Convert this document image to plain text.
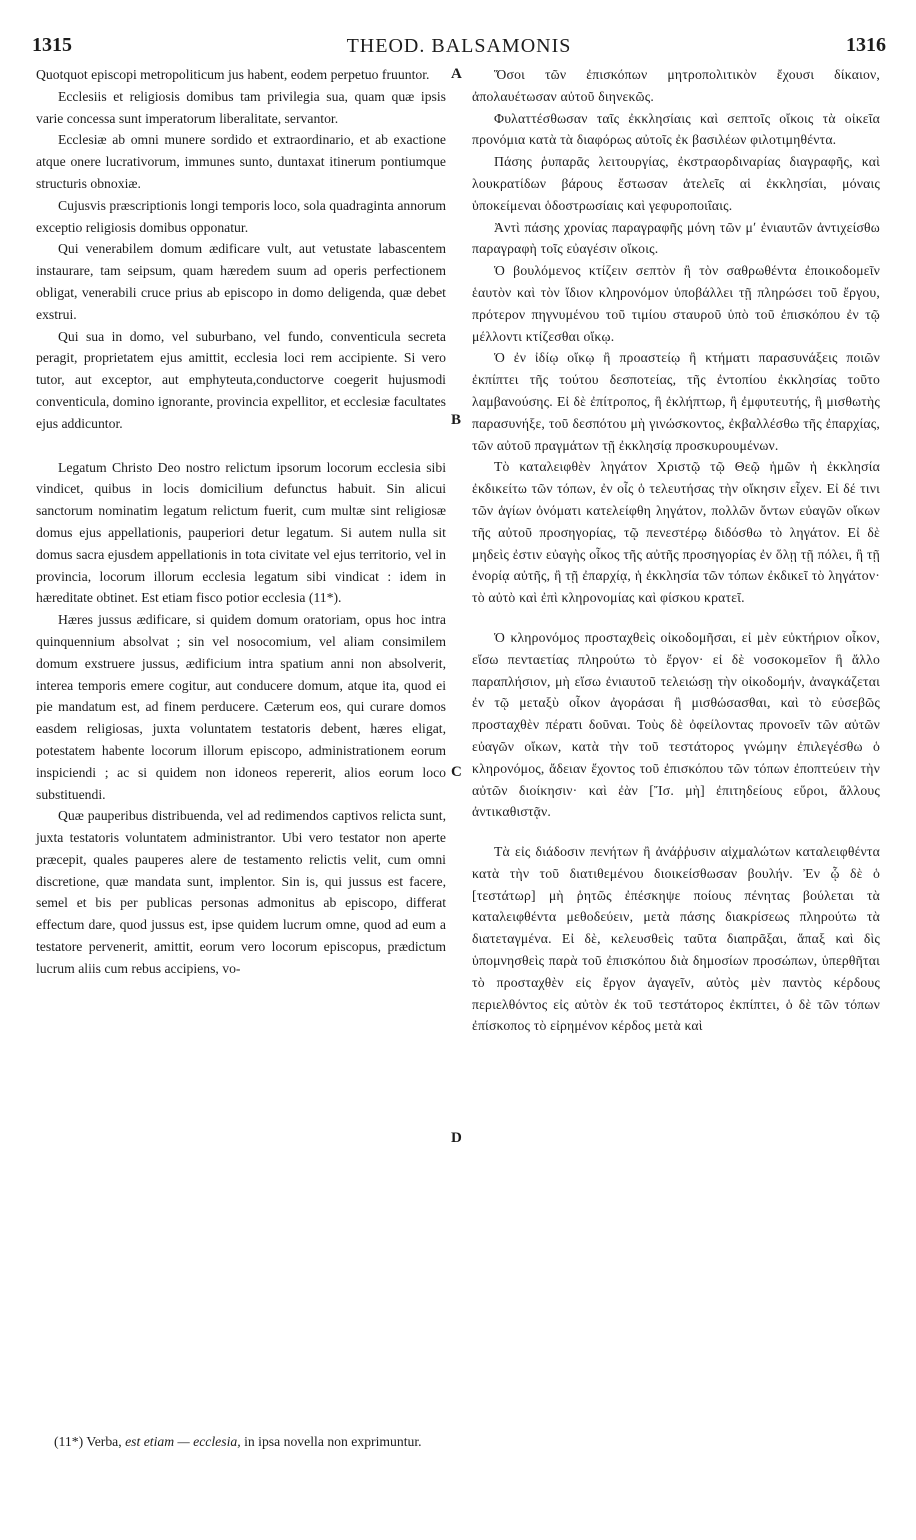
1315	THEOD. BALSAMONIS	1316

Quotquot episcopi metropoliticum jus habent, eodem perpetuo fruuntor.

Ecclesiis et religiosis domibus tam privilegia sua, quam quæ ipsis varie concessa sunt imperatorum liberalitate, servantor.

Ecclesiæ ab omni munere sordido et extraordinario, et ab exactione atque onere lucrativorum, immunes sunto, duntaxat itinerum pontiumque structuris obnoxiæ.

Cujusvis præscriptionis longi temporis loco, sola quadraginta annorum exceptio religiosis domibus opponatur.

Qui venerabilem domum ædificare vult, aut vetustate labascentem instaurare, tam seipsum, quam hæredem suum ad operis perfectionem obligat, venerabili cruce prius ab episcopo in domo deligenda, quæ debet exstrui.

Qui sua in domo, vel suburbano, vel fundo, conventicula secreta peragit, proprietatem ejus amittit, ecclesia loci rem accipiente. Si vero tutor, aut exceptor, aut emphyteuta,conductorve coegerit hujusmodi conventicula, domino ignorante, provincia expellitor, et ecclesiæ facultates ejus addicuntor.

Legatum Christo Deo nostro relictum ipsorum locorum ecclesia sibi vindicet, quibus in locis domicilium defunctus habuit. Sin alicui sanctorum nominatim legatum relictum fuerit, cum multæ sint religiosæ domus ejus appellationis, pauperiori detur legatum. Si autem nulla sit domus sacra ejusdem appellationis in tota civitate vel ejus territorio, vel in provincia, locorum illorum ecclesia legatum sibi vindicat : idem in hæreditate obtinet. Est etiam fisco potior ecclesia (11*).

Hæres jussus ædificare, si quidem domum oratoriam, opus hoc intra quinquennium absolvat ; sin vel nosocomium, vel aliam consimilem domum exstruere jussus, ædificium intra spatium anni non absolverit, interea temporis emere cogitur, aut conducere domum, atque ita, quod ei pie mandatum est, ad finem perducere. Cæterum eos, qui curare domos easdem religiosas, juxta voluntatem testatoris debent, hæres eligat, potestatem habente locorum illorum episcopo, administrationem eorum inspiciendi ; ac si quidem non idoneos repererit, alios eorum loco substituendi.

Quæ pauperibus distribuenda, vel ad redimendos captivos relicta sunt, juxta testatoris voluntatem administrantor. Ubi vero testator non aperte præcepit, quales pauperes alere de testamento relictis velit, cum omni discretione, quæ mandata sunt, implentor. Sin is, qui jussus est facere, semel et bis per publicas personas admonitus ab episcopo, differat effectum dare, quod jussus est, ipse quidem lucrum omne, quod ad eum a testatore pervenerit, amittit, eorum vero locorum episcopus, prædictum lucrum aliis cum rebus accipiens, vo-

A
B
C
D

Ὅσοι τῶν ἐπισκόπων μητροπολιτικὸν ἔχουσι δίκαιον, ἀπολαυέτωσαν αὐτοῦ διηνεκῶς.

Φυλαττέσθωσαν ταῖς ἐκκλησίαις καὶ σεπτοῖς οἴκοις τὰ οἰκεῖα προνόμια κατὰ τὰ διαφόρως αὐτοῖς ἐκ βασιλέων φιλοτιμηθέντα.

Πάσης ῥυπαρᾶς λειτουργίας, ἐκστραορδιναρίας διαγραφῆς, καὶ λουκρατίδων βάρους ἔστωσαν ἀτελεῖς αἱ ἐκκλησίαι, μόναις ὑποκείμεναι ὁδοστρωσίαις καὶ γεφυροποιΐαις.

Ἀντὶ πάσης χρονίας παραγραφῆς μόνη τῶν μʹ ἐνιαυτῶν ἀντιχείσθω παραγραφὴ τοῖς εὐαγέσιν οἴκοις.

Ὁ βουλόμενος κτίζειν σεπτὸν ἢ τὸν σαθρωθέντα ἐποικοδομεῖν ἑαυτὸν καὶ τὸν ἴδιον κληρονόμον ὑποβάλλει τῇ πληρώσει τοῦ ἔργου, πρότερον πηγνυμένου τοῦ τιμίου σταυροῦ ὑπὸ τοῦ ἐπισκόπου ἐν τῷ μέλλοντι κτίζεσθαι οἴκῳ.

Ὁ ἐν ἰδίῳ οἴκῳ ἢ προαστείῳ ἢ κτήματι παρασυνάξεις ποιῶν ἐκπίπτει τῆς τούτου δεσποτείας, τῆς ἐντοπίου ἐκκλησίας τοῦτο λαμβανούσης. Εἰ δὲ ἐπίτροπος, ἢ ἐκλήπτωρ, ἢ ἐμφυτευτής, ἢ μισθωτὴς παρασυνήξε, τοῦ δεσπότου μὴ γινώσκοντος, ἐκβαλλέσθω τῆς ἐπαρχίας, τῶν αὐτοῦ πραγμάτων τῇ ἐκκλησίᾳ προσκυρουμένων.

Τὸ καταλειφθὲν ληγάτον Χριστῷ τῷ Θεῷ ἡμῶν ἡ ἐκκλησία ἐκδικείτω τῶν τόπων, ἐν οἷς ὁ τελευτήσας τὴν οἴκησιν εἶχεν. Εἰ δέ τινι τῶν ἁγίων ὀνόματι κατελείφθη ληγάτον, πολλῶν ὄντων εὐαγῶν οἴκων τῆς αὐτοῦ προσηγορίας, τῷ πενεστέρῳ διδόσθω τὸ ληγάτον. Εἰ δὲ μηδεὶς ἐστιν εὐαγὴς οἶκος τῆς αὐτῆς προσηγορίας ἐν ὅλῃ τῇ πόλει, ἢ τῇ ἐνορίᾳ αὐτῆς, ἢ τῇ ἐπαρχίᾳ, ἡ ἐκκλησία τῶν τόπων ἐκδικεῖ τὸ ληγάτον· τὸ αὐτὸ καὶ ἐπὶ κληρονομίας καὶ φίσκου κρατεῖ.

Ὁ κληρονόμος προσταχθεὶς οἰκοδομῆσαι, εἰ μὲν εὐκτήριον οἶκον, εἴσω πενταετίας πληρούτω τὸ ἔργον· εἰ δὲ νοσοκομεῖον ἢ ἄλλο παραπλήσιον, μὴ εἴσω ἐνιαυτοῦ τελειώσῃ τὴν οἰκοδομήν, ἀναγκάζεται ἐν τῷ μεταξὺ οἶκον ἀγοράσαι ἢ μισθώσασθαι, καὶ τὸ εὐσεβῶς προσταχθὲν πέρατι δοῦναι. Τοὺς δὲ ὀφείλοντας προνοεῖν τῶν αὐτῶν εὐαγῶν οἴκων, κατὰ τὴν τοῦ τεστάτορος γνώμην ἐπιλεγέσθω ὁ κληρονόμος, ἄδειαν ἔχοντος τοῦ ἐπισκόπου τῶν τόπων ἐποπτεύειν τὴν αὐτῶν διοίκησιν· καὶ ἐὰν [Ἴσ. μὴ] ἐπιτηδείους εὕροι, ἄλλους ἀντικαθιστᾷν.

Τὰ εἰς διάδοσιν πενήτων ἢ ἀνάῤῥυσιν αἰχμαλώτων καταλειφθέντα κατὰ τὴν τοῦ διατιθεμένου διοικείσθωσαν βουλήν. Ἐν ᾧ δὲ ὁ [τεστάτωρ] μὴ ῥητῶς ἐπέσκηψε ποίους πένητας βούλεται τὰ καταλειφθέντα μεθοδεύειν, μετὰ πάσης διακρίσεως πληρούτω τὰ διατεταγμένα. Εἰ δὲ, κελευσθεὶς ταῦτα διαπρᾶξαι, ἅπαξ καὶ δὶς ὑπομνησθεὶς παρὰ τοῦ ἐπισκόπου διὰ δημοσίων προσώπων, ὑπερθῆται τὸ προσταχθὲν εἰς ἔργον ἀγαγεῖν, αὐτὸς μὲν παντὸς κέρδους περιελθόντος εἰς αὐτὸν ἐκ τοῦ τεστάτορος ἐκπίπτει, ὁ δὲ τῶν τόπων ἐπίσκοπος τὸ εἰρημένον κέρδος μετὰ καὶ

(11*) Verba, est etiam — ecclesia, in ipsa novella non exprimuntur.
